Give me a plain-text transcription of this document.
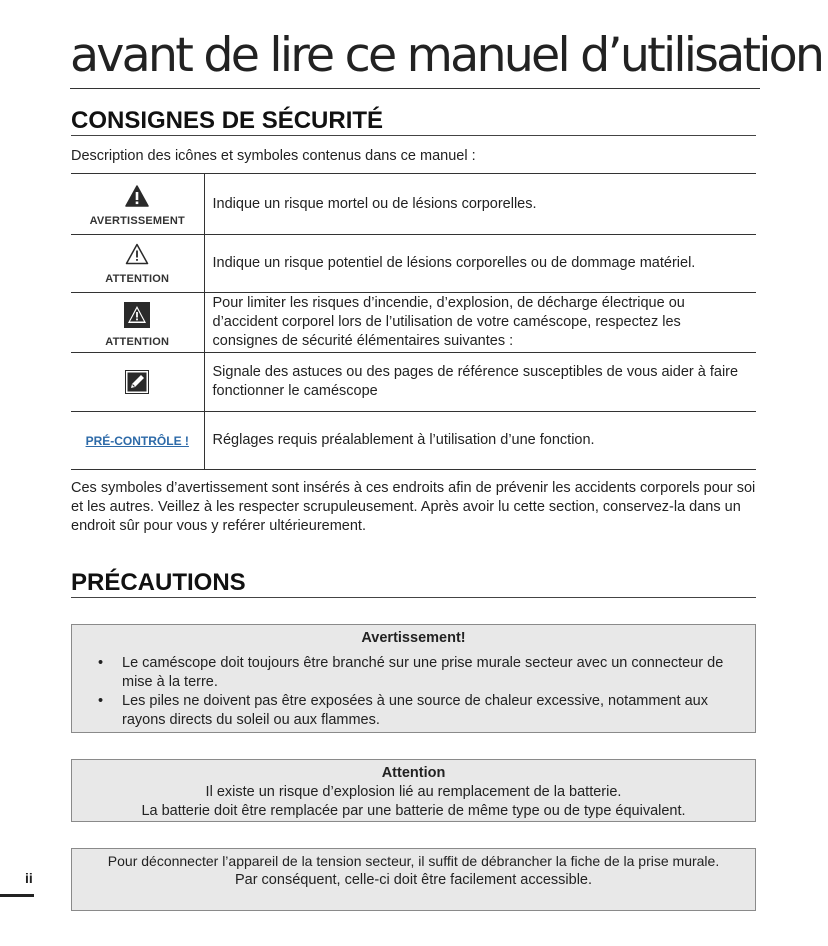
avant de lire ce manuel d’utilisation
CONSIGNES DE SÉCURITÉ

Description des icônes et symboles contenus dans ce manuel :

AVERTISSEMENT	Indique un risque mortel ou de lésions corporelles.

ATTENTION	Indique un risque potentiel de lésions corporelles ou de dommage matériel.

ATTENTION	Pour limiter les risques d’incendie, d’explosion, de décharge électrique ou d’accident corporel lors de l’utilisation de votre caméscope, respectez les consignes de sécurité élémentaires suivantes :

	Signale des astuces ou des pages de référence susceptibles de vous aider à faire fonctionner le caméscope
PRÉ-CONTRÔLE !	Réglages requis préalablement à l’utilisation d’une fonction.

Ces symboles d’avertissement sont insérés à ces endroits afin de prévenir les accidents corporels pour soi et les autres. Veillez à les respecter scrupuleusement. Après avoir lu cette section, conservez-la dans un endroit sûr pour vous y reférer ultérieurement.

PRÉCAUTIONS
Avertissement!
• Le caméscope doit toujours être branché sur une prise murale secteur avec un connecteur de mise à la terre.
• Les piles ne doivent pas être exposées à une source de chaleur excessive, notamment aux rayons directs du soleil ou aux flammes.
Attention
Il existe un risque d’explosion lié au remplacement de la batterie.
La batterie doit être remplacée par une batterie de même type ou de type équivalent.
Pour déconnecter l’appareil de la tension secteur, il suffit de débrancher la fiche de la prise murale.
Par conséquent, celle-ci doit être facilement accessible.
ii
